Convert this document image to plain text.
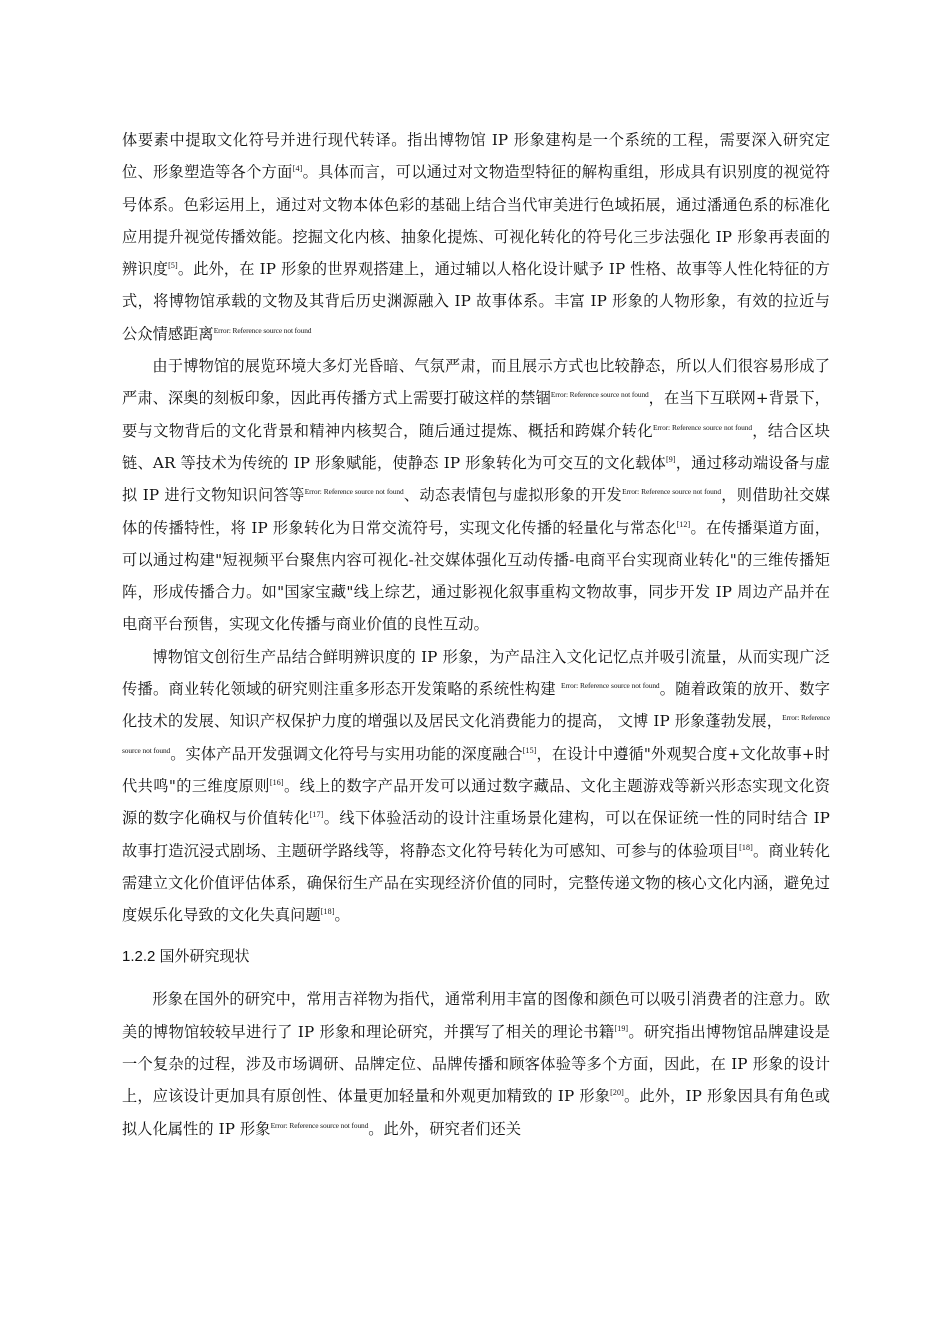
体要素中提取文化符号并进行现代转译。指出博物馆 IP 形象建构是一个系统的工程，需要深入研究定位、形象塑造等各个方面[4]。具体而言，可以通过对文物造型特征的解构重组，形成具有识别度的视觉符号体系。色彩运用上，通过对文物本体色彩的基础上结合当代审美进行色域拓展，通过潘通色系的标准化应用提升视觉传播效能。挖掘文化内核、抽象化提炼、可视化转化的符号化三步法强化 IP 形象再表面的辨识度[5]。此外，在 IP 形象的世界观搭建上，通过辅以人格化设计赋予 IP 性格、故事等人性化特征的方式，将博物馆承载的文物及其背后历史渊源融入 IP 故事体系。丰富 IP 形象的人物形象，有效的拉近与公众情感距离$^{Error: Reference source not found}$

由于博物馆的展览环境大多灯光昏暗、气氛严肃，而且展示方式也比较静态，所以人们很容易形成了严肃、深奥的刻板印象，因此再传播方式上需要打破这样的禁锢$^{Error: Reference source not found}$，在当下互联网+背景下，要与文物背后的文化背景和精神内核契合，随后通过提炼、概括和跨媒介转化$^{Error: Reference source not found}$，结合区块链、AR 等技术为传统的 IP 形象赋能，使静态 IP 形象转化为可交互的文化载体[9]，通过移动端设备与虚拟 IP 进行文物知识问答等$^{Error: Reference source not found}$、动态表情包与虚拟形象的开发$^{Error: Reference source not found}$，则借助社交媒体的传播特性，将 IP 形象转化为日常交流符号，实现文化传播的轻量化与常态化[12]。在传播渠道方面，可以通过构建"短视频平台聚焦内容可视化-社交媒体强化互动传播-电商平台实现商业转化"的三维传播矩阵，形成传播合力。如"国家宝藏"线上综艺，通过影视化叙事重构文物故事，同步开发 IP 周边产品并在电商平台预售，实现文化传播与商业价值的良性互动。

博物馆文创衍生产品结合鲜明辨识度的 IP 形象，为产品注入文化记忆点并吸引流量，从而实现广泛传播。商业转化领域的研究则注重多形态开发策略的系统性构建 $^{Error: Reference source not found}$。随着政策的放开、数字化技术的发展、知识产权保护力度的增强以及居民文化消费能力的提高， 文博 IP 形象蓬勃发展，$^{Error: Reference source not found}$。实体产品开发强调文化符号与实用功能的深度融合[15]，在设计中遵循"外观契合度+文化故事+时代共鸣"的三维度原则[16]。线上的数字产品开发可以通过数字藏品、文化主题游戏等新兴形态实现文化资源的数字化确权与价值转化[17]。线下体验活动的设计注重场景化建构，可以在保证统一性的同时结合 IP 故事打造沉浸式剧场、主题研学路线等，将静态文化符号转化为可感知、可参与的体验项目[18]。商业转化需建立文化价值评估体系，确保衍生产品在实现经济价值的同时，完整传递文物的核心文化内涵，避免过度娱乐化导致的文化失真问题[18]。

1.2.2 国外研究现状

形象在国外的研究中，常用吉祥物为指代，通常利用丰富的图像和颜色可以吸引消费者的注意力。欧美的博物馆较较早进行了 IP 形象和理论研究，并撰写了相关的理论书籍[19]。研究指出博物馆品牌建设是一个复杂的过程，涉及市场调研、品牌定位、品牌传播和顾客体验等多个方面，因此，在 IP 形象的设计上，应该设计更加具有原创性、体量更加轻量和外观更加精致的 IP 形象[20]。此外，IP 形象因具有角色或拟人化属性的 IP 形象$^{Error: Reference source not found}$。此外，研究者们还关
